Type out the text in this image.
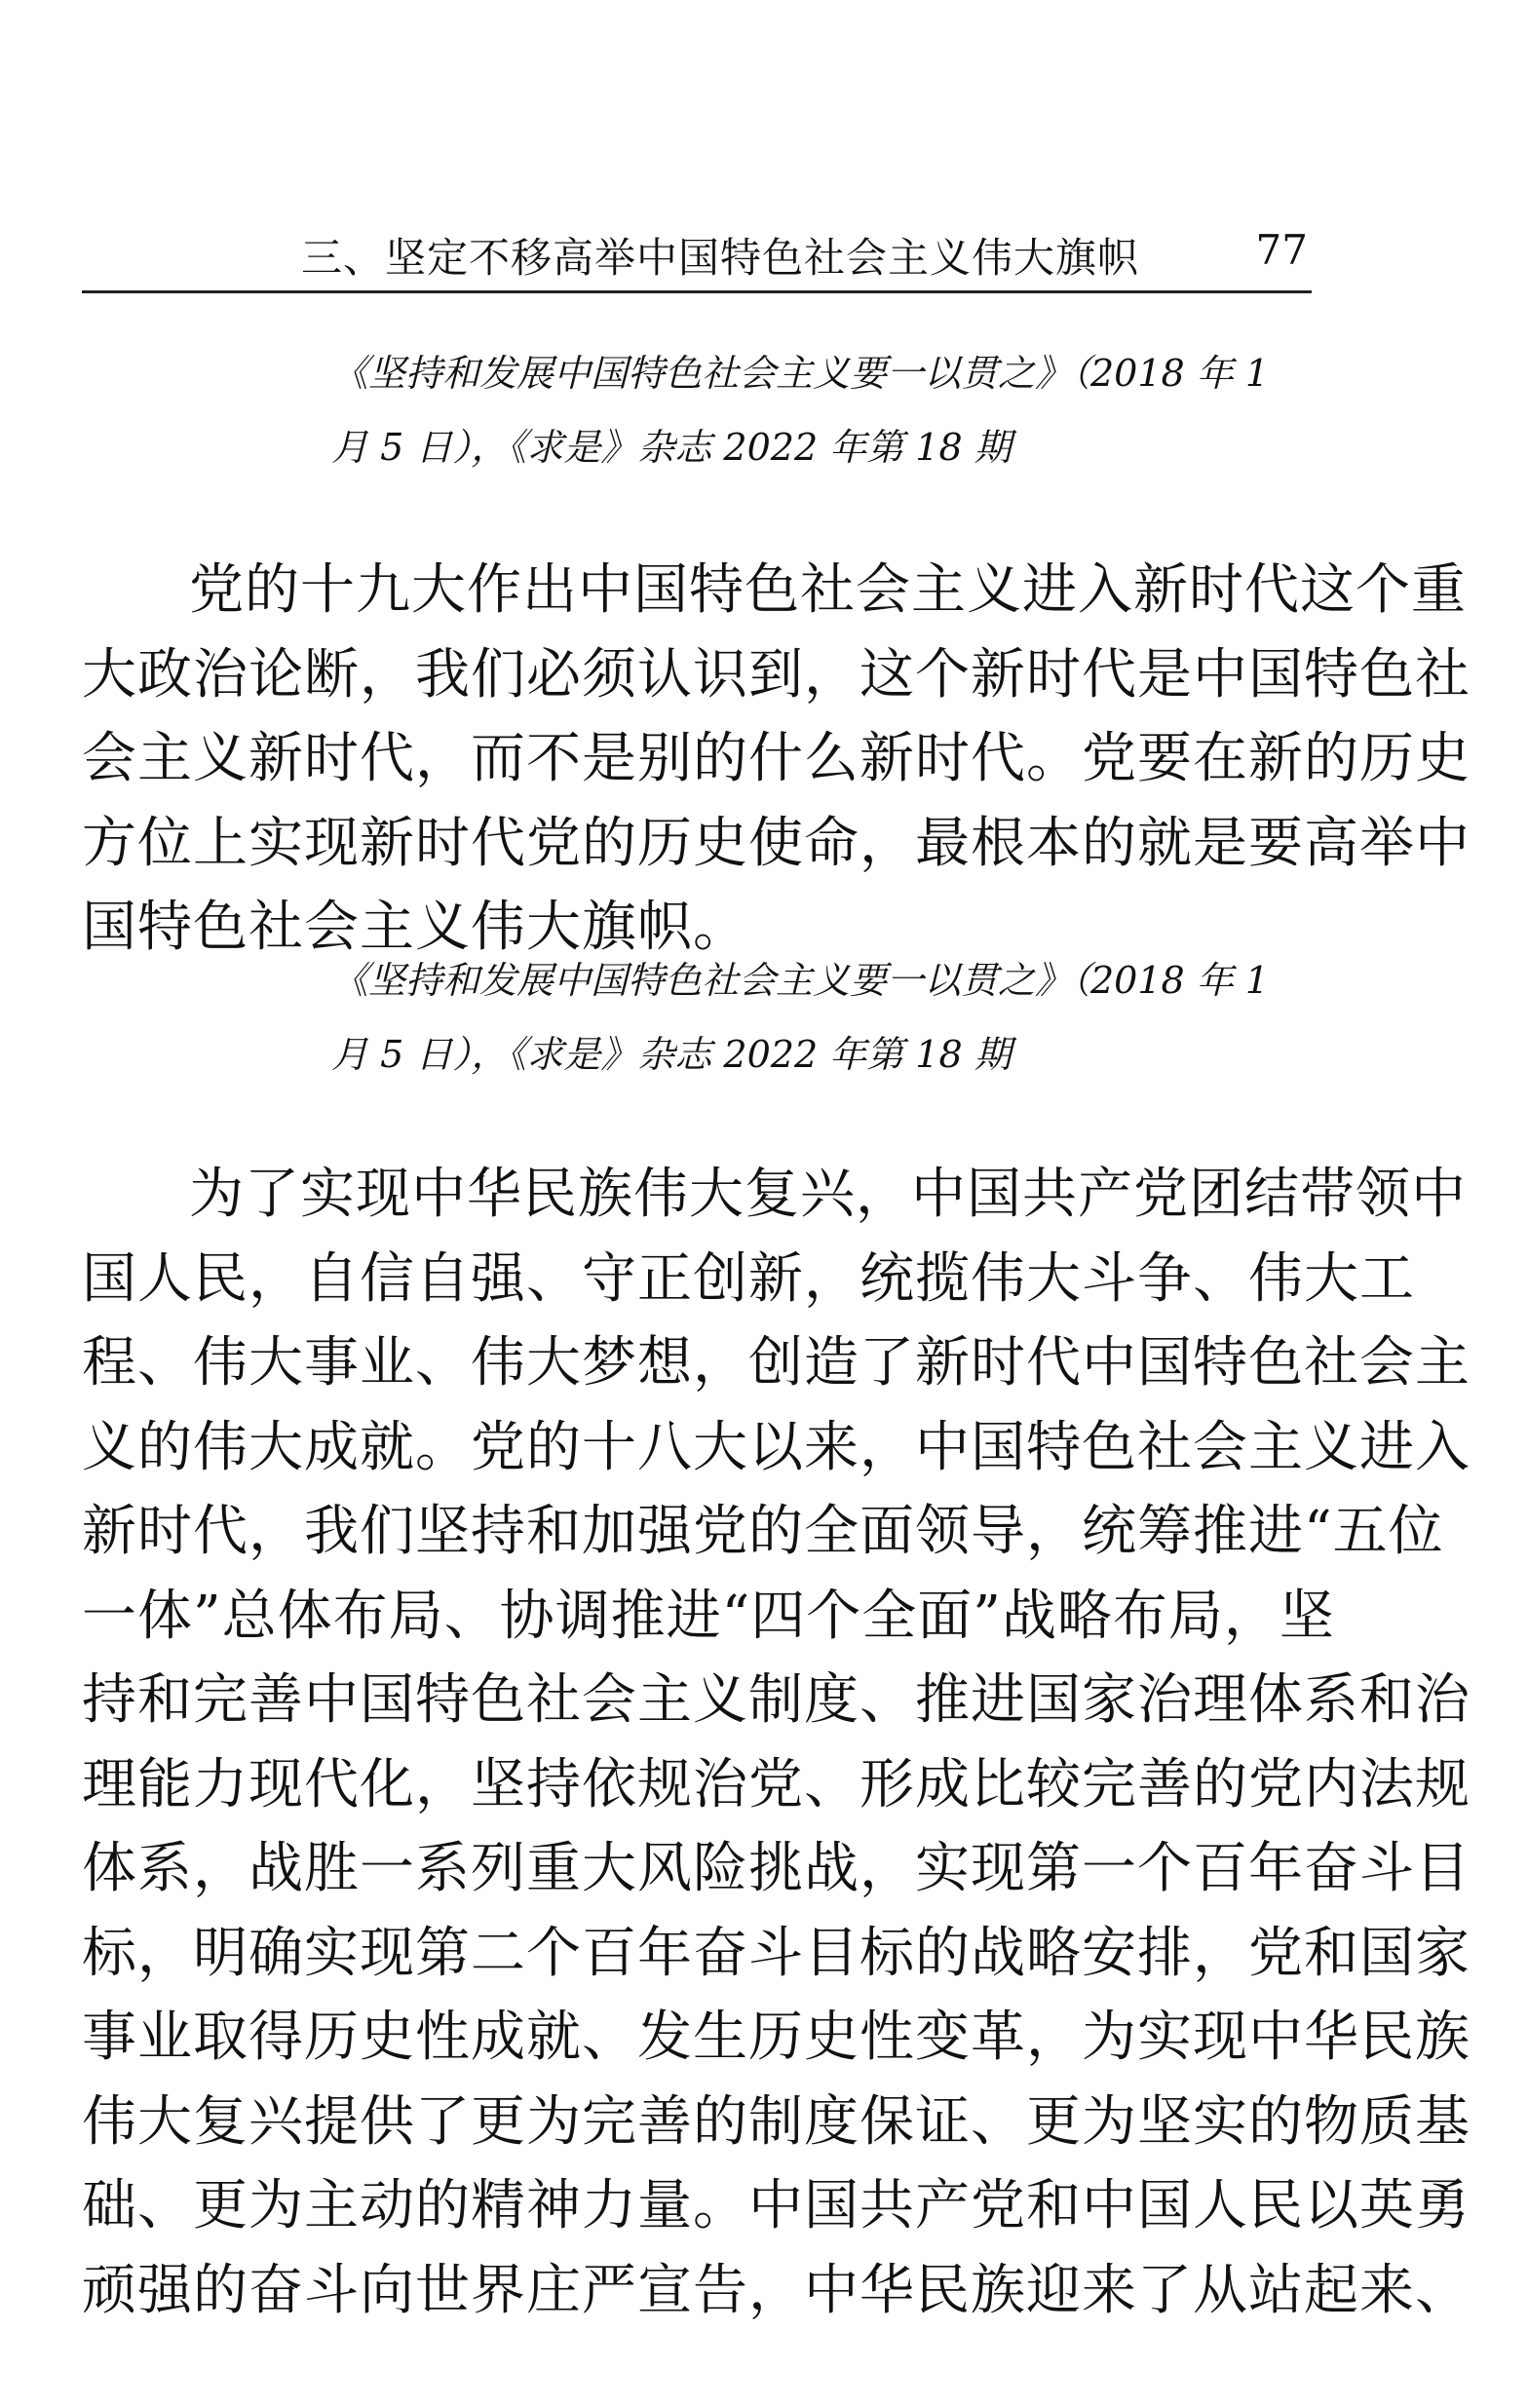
三、坚定不移高举中国特色社会主义伟大旗帜	77
《坚持和发展中国特色社会主义要一以贯之》（2018 年 1
月 5 日），《求是》杂志 2022 年第 18 期
党的十九大作出中国特色社会主义进入新时代这个重
大政治论断，我们必须认识到，这个新时代是中国特色社
会主义新时代，而不是别的什么新时代。党要在新的历史
方位上实现新时代党的历史使命，最根本的就是要高举中
国特色社会主义伟大旗帜。
《坚持和发展中国特色社会主义要一以贯之》（2018 年 1
月 5 日），《求是》杂志 2022 年第 18 期
为了实现中华民族伟大复兴，中国共产党团结带领中
国人民，自信自强、守正创新，统揽伟大斗争、伟大工
程、伟大事业、伟大梦想，创造了新时代中国特色社会主
义的伟大成就。党的十八大以来，中国特色社会主义进入
新时代，我们坚持和加强党的全面领导，统筹推进“五位
一体”总体布局、协调推进“四个全面”战略布局，坚
持和完善中国特色社会主义制度、推进国家治理体系和治
理能力现代化，坚持依规治党、形成比较完善的党内法规
体系，战胜一系列重大风险挑战，实现第一个百年奋斗目
标，明确实现第二个百年奋斗目标的战略安排，党和国家
事业取得历史性成就、发生历史性变革，为实现中华民族
伟大复兴提供了更为完善的制度保证、更为坚实的物质基
础、更为主动的精神力量。中国共产党和中国人民以英勇
顽强的奋斗向世界庄严宣告，中华民族迎来了从站起来、
